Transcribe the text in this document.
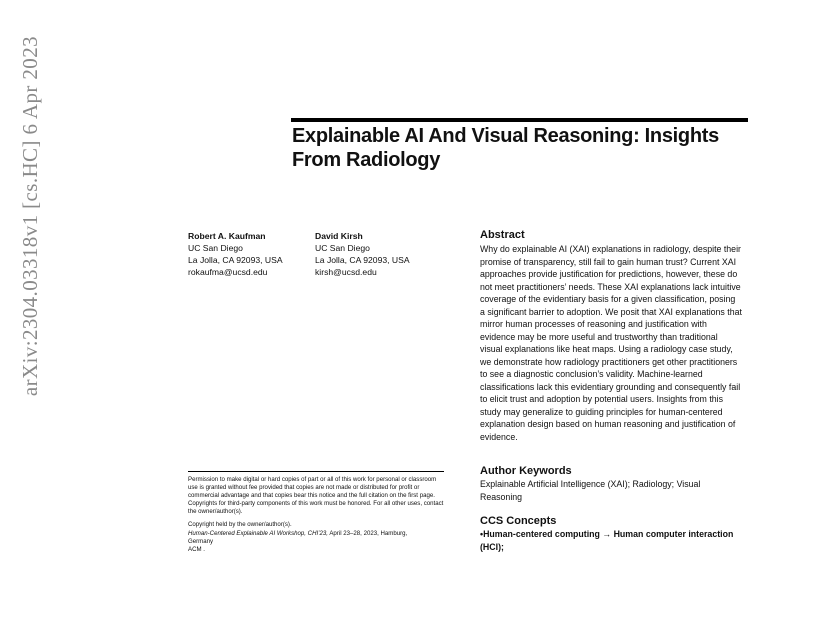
arXiv:2304.03318v1 [cs.HC] 6 Apr 2023	Explainable AI And Visual Reasoning: Insights From Radiology
Robert A. Kaufman
UC San Diego
La Jolla, CA 92093, USA
rokaufma@ucsd.edu
David Kirsh
UC San Diego
La Jolla, CA 92093, USA
kirsh@ucsd.edu
Abstract

Why do explainable AI (XAI) explanations in radiology, despite their promise of transparency, still fail to gain human trust? Current XAI approaches provide justification for predictions, however, these do not meet practitioners’ needs. These XAI explanations lack intuitive coverage of the evidentiary basis for a given classification, posing a significant barrier to adoption. We posit that XAI explanations that mirror human processes of reasoning and justification with evidence may be more useful and trustworthy than traditional visual explanations like heat maps. Using a radiology case study, we demonstrate how radiology practitioners get other practitioners to see a diagnostic conclusion’s validity. Machine-learned classifications lack this evidentiary grounding and consequently fail to elicit trust and adoption by potential users. Insights from this study may generalize to guiding principles for human-centered explanation design based on human reasoning and justification of evidence.

Author Keywords

Explainable Artificial Intelligence (XAI); Radiology; Visual Reasoning

CCS Concepts

•Human-centered computing → Human computer interaction (HCI);

Permission to make digital or hard copies of part or all of this work for personal or classroom use is granted without fee provided that copies are not made or distributed for profit or commercial advantage and that copies bear this notice and the full citation on the first page. Copyrights for third-party components of this work must be honored. For all other uses, contact the owner/author(s).

Copyright held by the owner/author(s).
Human-Centered Explainable AI Workshop, CHI’23, April 23–28, 2023, Hamburg,
Germany
ACM .
